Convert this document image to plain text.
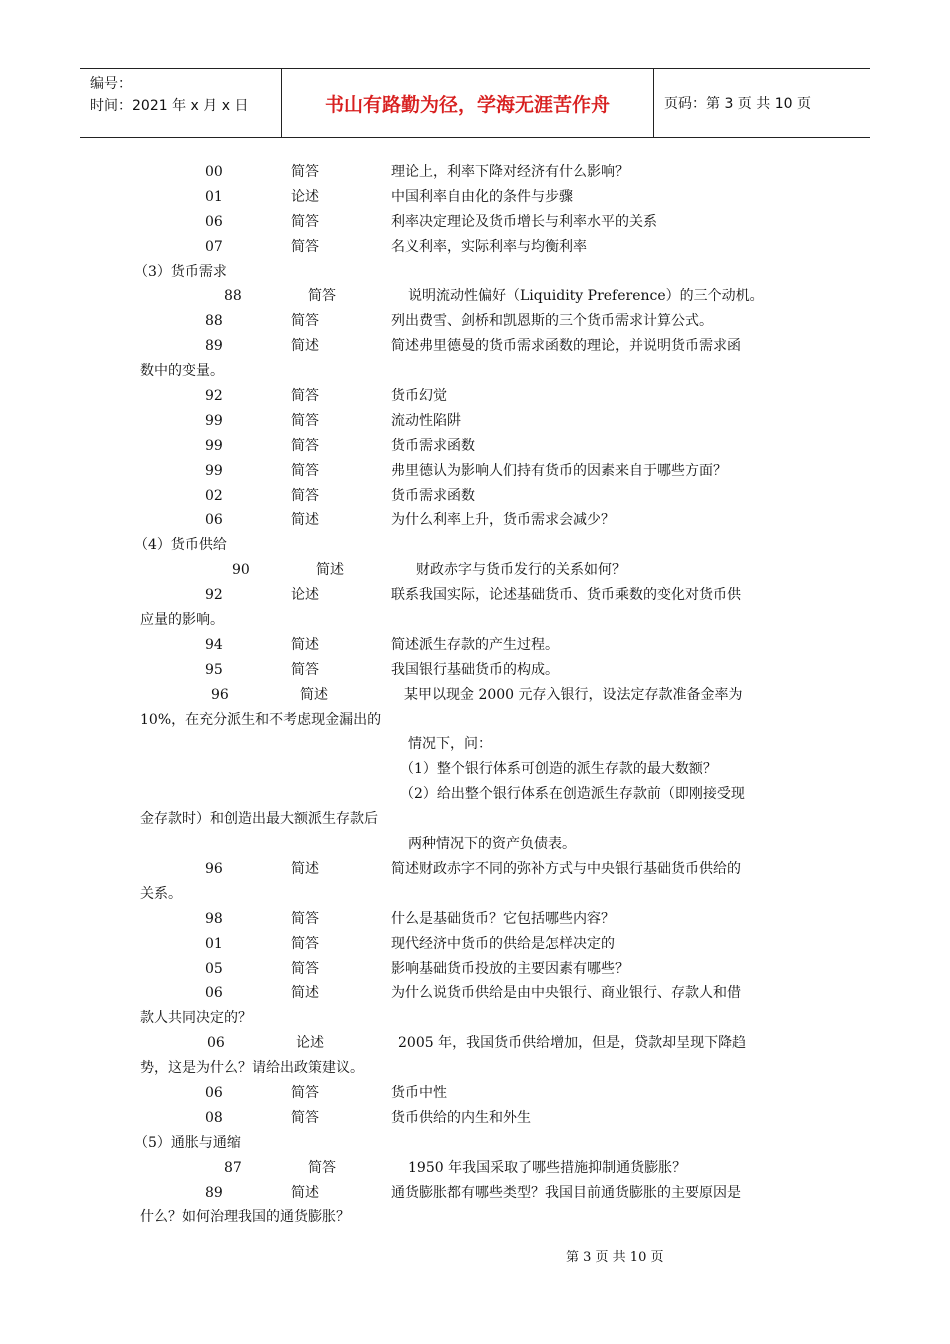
编号：
时间：2021 年 x 月 x 日	书山有路勤为径，学海无涯苦作舟	页码：第 3 页 共 10 页
00	简答	理论上，利率下降对经济有什么影响？
01	论述	中国利率自由化的条件与步骤
06	简答	利率决定理论及货币增长与利率水平的关系
07	简答	名义利率，实际利率与均衡利率
（3）货币需求
88	简答	说明流动性偏好（Liquidity Preference）的三个动机。
88	简答	列出费雪、剑桥和凯恩斯的三个货币需求计算公式。
89	简述	简述弗里德曼的货币需求函数的理论，并说明货币需求函
数中的变量。
92	简答	货币幻觉
99	简答	流动性陷阱
99	简答	货币需求函数
99	简答	弗里德认为影响人们持有货币的因素来自于哪些方面？
02	简答	货币需求函数
06	简述	为什么利率上升，货币需求会减少？
（4）货币供给
90	简述	财政赤字与货币发行的关系如何？
92	论述	联系我国实际，论述基础货币、货币乘数的变化对货币供
应量的影响。
94	简述	简述派生存款的产生过程。
95	简答	我国银行基础货币的构成。
96	简述	某甲以现金 2000 元存入银行，设法定存款准备金率为
10%，在充分派生和不考虑现金漏出的
情况下，问：
（1）整个银行体系可创造的派生存款的最大数额？
（2）给出整个银行体系在创造派生存款前（即刚接受现
金存款时）和创造出最大额派生存款后
两种情况下的资产负债表。
96	简述	简述财政赤字不同的弥补方式与中央银行基础货币供给的
关系。
98	简答	什么是基础货币？它包括哪些内容？
01	简答	现代经济中货币的供给是怎样决定的
05	简答	影响基础货币投放的主要因素有哪些？
06	简述	为什么说货币供给是由中央银行、商业银行、存款人和借
款人共同决定的？
06	论述	2005 年，我国货币供给增加，但是，贷款却呈现下降趋
势，这是为什么？请给出政策建议。
06	简答	货币中性
08	简答	货币供给的内生和外生
（5）通胀与通缩
87	简答	1950 年我国采取了哪些措施抑制通货膨胀？
89	简述	通货膨胀都有哪些类型？我国目前通货膨胀的主要原因是
什么？如何治理我国的通货膨胀？
第 3 页 共 10 页
